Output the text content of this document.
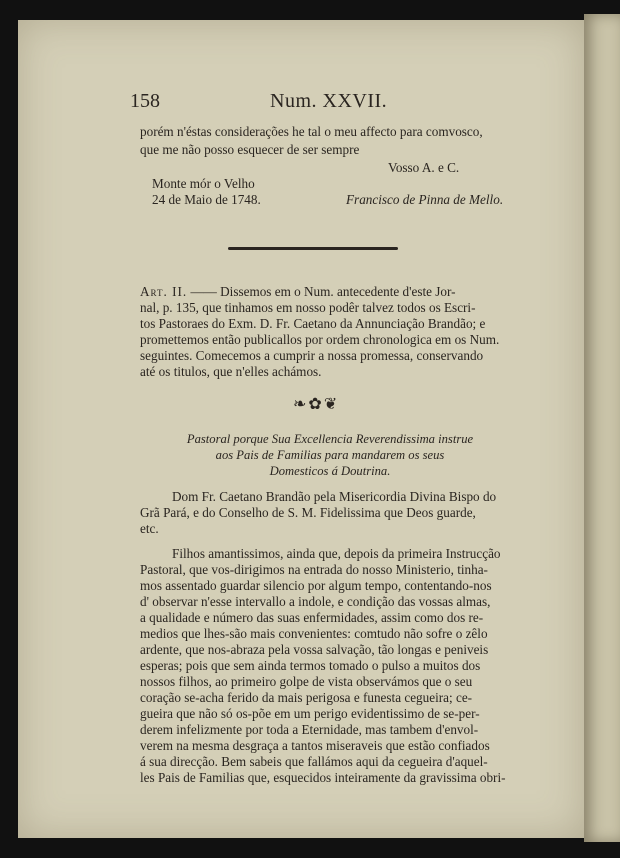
158	Num. XXVII.
porém n'éstas considerações he tal o meu affecto para comvosco,
que me não posso esquecer de ser sempre
Vosso A. e C.
Monte mór o Velho
24 de Maio de 1748.	Francisco de Pinna de Mello.
Art. II. —— Dissemos em o Num. antecedente d'este Jor-
nal, p. 135, que tinhamos em nosso podêr talvez todos os Escri-
tos Pastoraes do Exm. D. Fr. Caetano da Annunciação Brandão; e
promettemos então publicallos por ordem chronologica em os Num.
seguintes. Comecemos a cumprir a nossa promessa, conservando
até os titulos, que n'elles achámos.
❧✿❦
Pastoral porque Sua Excellencia Reverendissima instrue
aos Pais de Familias para mandarem os seus
Domesticos á Doutrina.
Dom Fr. Caetano Brandão pela Misericordia Divina Bispo do
Grã Pará, e do Conselho de S. M. Fidelissima que Deos guarde,
etc.
Filhos amantissimos, ainda que, depois da primeira Instrucção
Pastoral, que vos-dirigimos na entrada do nosso Ministerio, tinha-
mos assentado guardar silencio por algum tempo, contentando-nos
d' observar n'esse intervallo a indole, e condição das vossas almas,
a qualidade e número das suas enfermidades, assim como dos re-
medios que lhes-são mais convenientes: comtudo não sofre o zêlo
ardente, que nos-abraza pela vossa salvação, tão longas e peniveis
esperas; pois que sem ainda termos tomado o pulso a muitos dos
nossos filhos, ao primeiro golpe de vista observámos que o seu
coração se-acha ferido da mais perigosa e funesta cegueira; ce-
gueira que não só os-põe em um perigo evidentissimo de se-per-
derem infelizmente por toda a Eternidade, mas tambem d'envol-
verem na mesma desgraça a tantos miseraveis que estão confiados
á sua direcção. Bem sabeis que fallámos aqui da cegueira d'aquel-
les Pais de Familias que, esquecidos inteiramente da gravissima obri-
